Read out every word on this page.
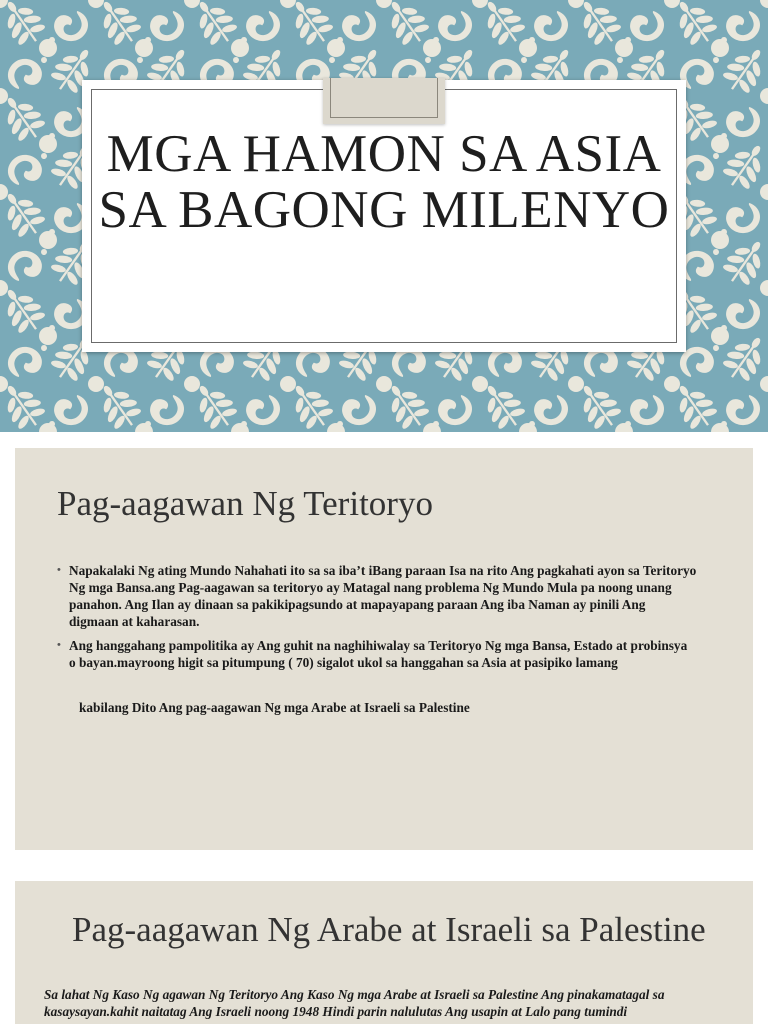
MGA HAMON SA ASIA SA BAGONG MILENYO
Pag-aagawan Ng Teritoryo
• Napakalaki Ng ating Mundo Nahahati ito sa sa iba’t iBang paraan Isa na rito Ang pagkahati ayon sa Teritoryo Ng mga Bansa.ang Pag-aagawan sa teritoryo ay Matagal nang problema Ng Mundo Mula pa noong unang panahon. Ang Ilan ay dinaan sa pakikipagsundo at mapayapang paraan Ang iba Naman ay pinili Ang digmaan at kaharasan.
• Ang hanggahang pampolitika ay Ang guhit na naghihiwalay sa Teritoryo Ng mga Bansa, Estado at probinsya o bayan.mayroong higit sa pitumpung ( 70) sigalot ukol sa hanggahan sa Asia at pasipiko lamang

kabilang Dito Ang pag-aagawan Ng mga Arabe at Israeli sa Palestine

Pag-aagawan Ng Arabe at Israeli sa Palestine

Sa lahat Ng Kaso Ng agawan Ng Teritoryo Ang Kaso Ng mga Arabe at Israeli sa Palestine Ang pinakamatagal sa kasaysayan.kahit naitatag Ang Israeli noong 1948 Hindi parin nalulutas Ang usapin at Lalo pang tumindi
